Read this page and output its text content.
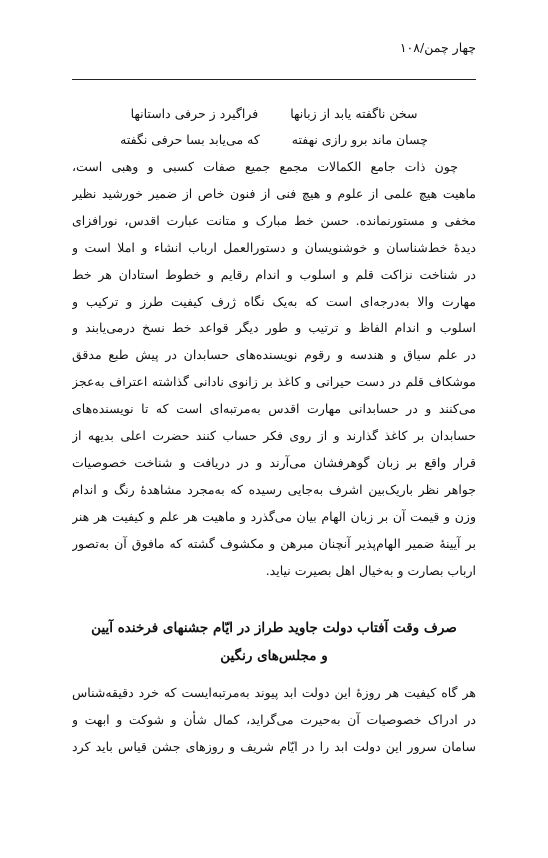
چهار چمن/۱۰۸
سخن ناگفته یابد از زبانها
فراگیرد ز حرفی داستانها
چسان ماند برو رازی نهفته
که می‌یابد بسا حرفی نگفته
چون ذات جامع الکمالات مجمع جمیع صفات کسبی و وهبی است،
ماهیت هیچ علمی از علوم و هیچ فنی از فنون خاص از ضمیر خورشید نظیر
مخفی و مستورنمانده. حسن خط مبارک و متانت عبارت اقدس، نورافزای
دیدهٔ خط‌شناسان و خوشنویسان و دستورالعمل ارباب انشاء و املا است و
در شناخت نزاکت قلم و اسلوب و اندام رقایم و خطوط استادان هر خط
مهارت والا به‌درجه‌ای است که به‌یک نگاه ژرف کیفیت طرز و ترکیب و
اسلوب و اندام الفاظ و ترتیب و طور دیگر قواعد خط نسخ درمی‌یابند و
در علم سیاق و هندسه و رقوم نویسنده‌های حسابدان در پیش طبع مدقق
موشکاف قلم در دست حیرانی و کاغذ بر زانوی نادانی گذاشته اعتراف به‌عجز
می‌کنند و در حسابدانی مهارت اقدس به‌مرتبه‌ای است که تا نویسنده‌های
حسابدان بر کاغذ گذارند و از روی فکر حساب کنند حضرت اعلی بدیهه از
قرار واقع بر زبان گوهرفشان می‌آرند و در دریافت و شناخت خصوصیات
جواهر نظر باریک‌بین اشرف به‌جایی رسیده که به‌مجرد مشاهدهٔ رنگ و اندام
وزن و قیمت آن بر زبان الهام بیان می‌گذرد و ماهیت هر علم و کیفیت هر هنر
بر آیینهٔ ضمیر الهام‌پذیر آنچنان مبرهن و مکشوف گشته که مافوق آن به‌تصور
ارباب بصارت و به‌خیال اهل بصیرت نیاید.
صرف وقت آفتاب دولت جاوید طراز در ایّام جشنهای فرخنده آیین
و مجلس‌های رنگین
هر گاه کیفیت هر روزهٔ این دولت ابد پیوند به‌مرتبه‌ایست که خرد دقیقه‌شناس
در ادراک خصوصیات آن به‌حیرت می‌گراید، کمال شأن و شوکت و ابهت و
سامان سرور این دولت ابد را در ایّام شریف و روزهای جشن قیاس باید کرد
